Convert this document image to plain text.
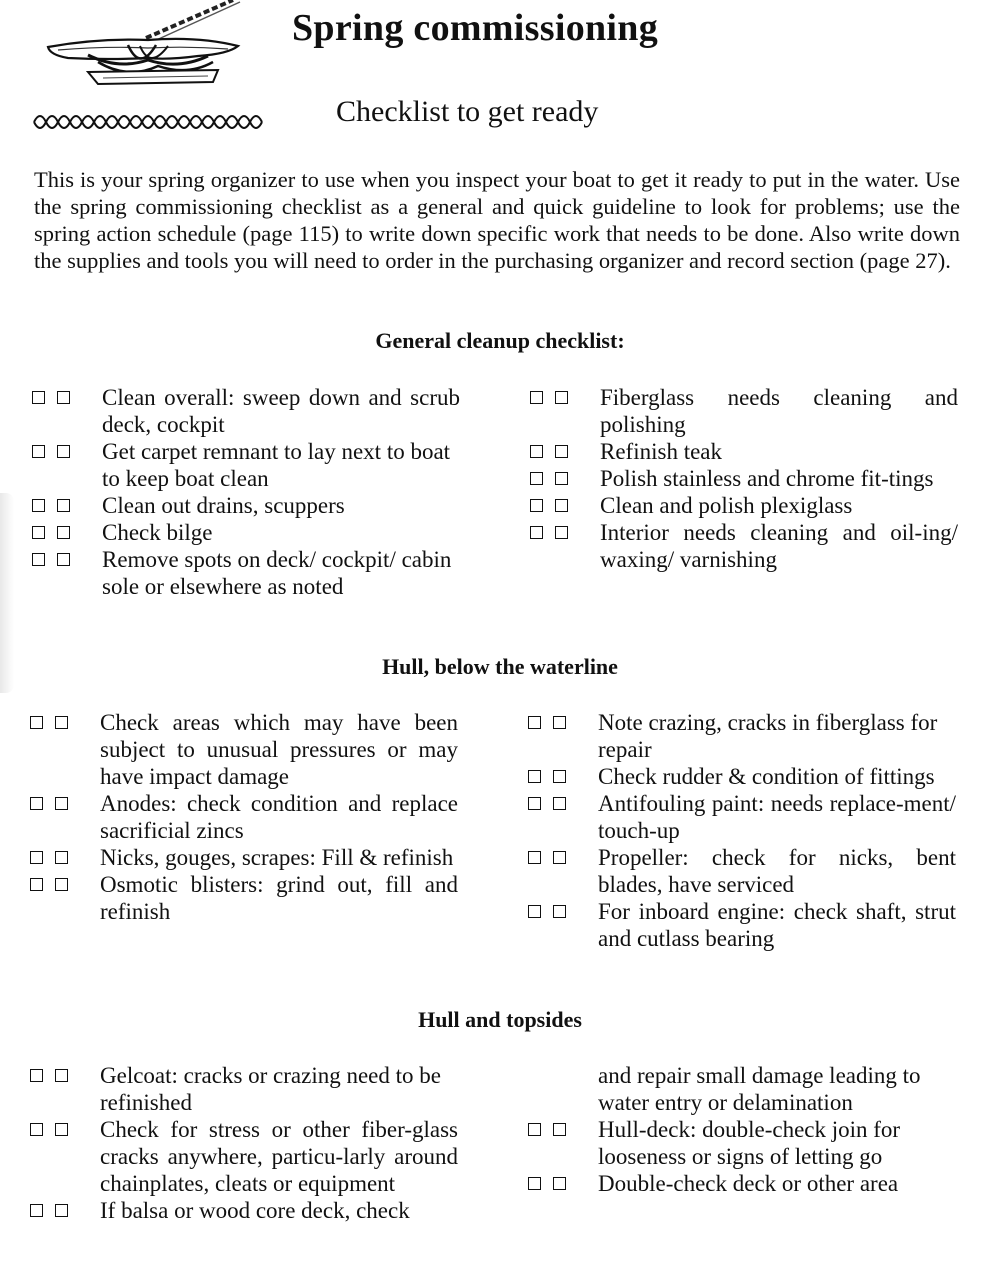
Spring commissioning
Checklist to get ready
This is your spring organizer to use when you inspect your boat to get it ready to put in the water. Use the spring commissioning checklist as a general and quick guideline to look for problems; use the spring action schedule (page 115) to write down specific work that needs to be done. Also write down the supplies and tools you will need to order in the purchasing organizer and record section (page 27).
General cleanup checklist:
Clean overall: sweep down and scrub deck, cockpit
Get carpet remnant to lay next to boat to keep boat clean
Clean out drains, scuppers
Check bilge
Remove spots on deck/ cockpit/ cabin sole or elsewhere as noted
Fiberglass needs cleaning and polishing
Refinish teak
Polish stainless and chrome fit-tings
Clean and polish plexiglass
Interior needs cleaning and oil-ing/ waxing/ varnishing
Hull, below the waterline
Check areas which may have been subject to unusual pressures or may have impact damage
Anodes: check condition and replace sacrificial zincs
Nicks, gouges, scrapes: Fill & refinish
Osmotic blisters: grind out, fill and refinish
Note crazing, cracks in fiberglass for repair
Check rudder & condition of fittings
Antifouling paint: needs replace-ment/ touch-up
Propeller: check for nicks, bent blades, have serviced
For inboard engine: check shaft, strut and cutlass bearing
Hull and topsides
Gelcoat: cracks or crazing need to be refinished
Check for stress or other fiber-glass cracks anywhere, particu-larly around chainplates, cleats or equipment
If balsa or wood core deck, check
and repair small damage leading to water entry or delamination
Hull-deck: double-check join for looseness or signs of letting go
Double-check deck or other area
